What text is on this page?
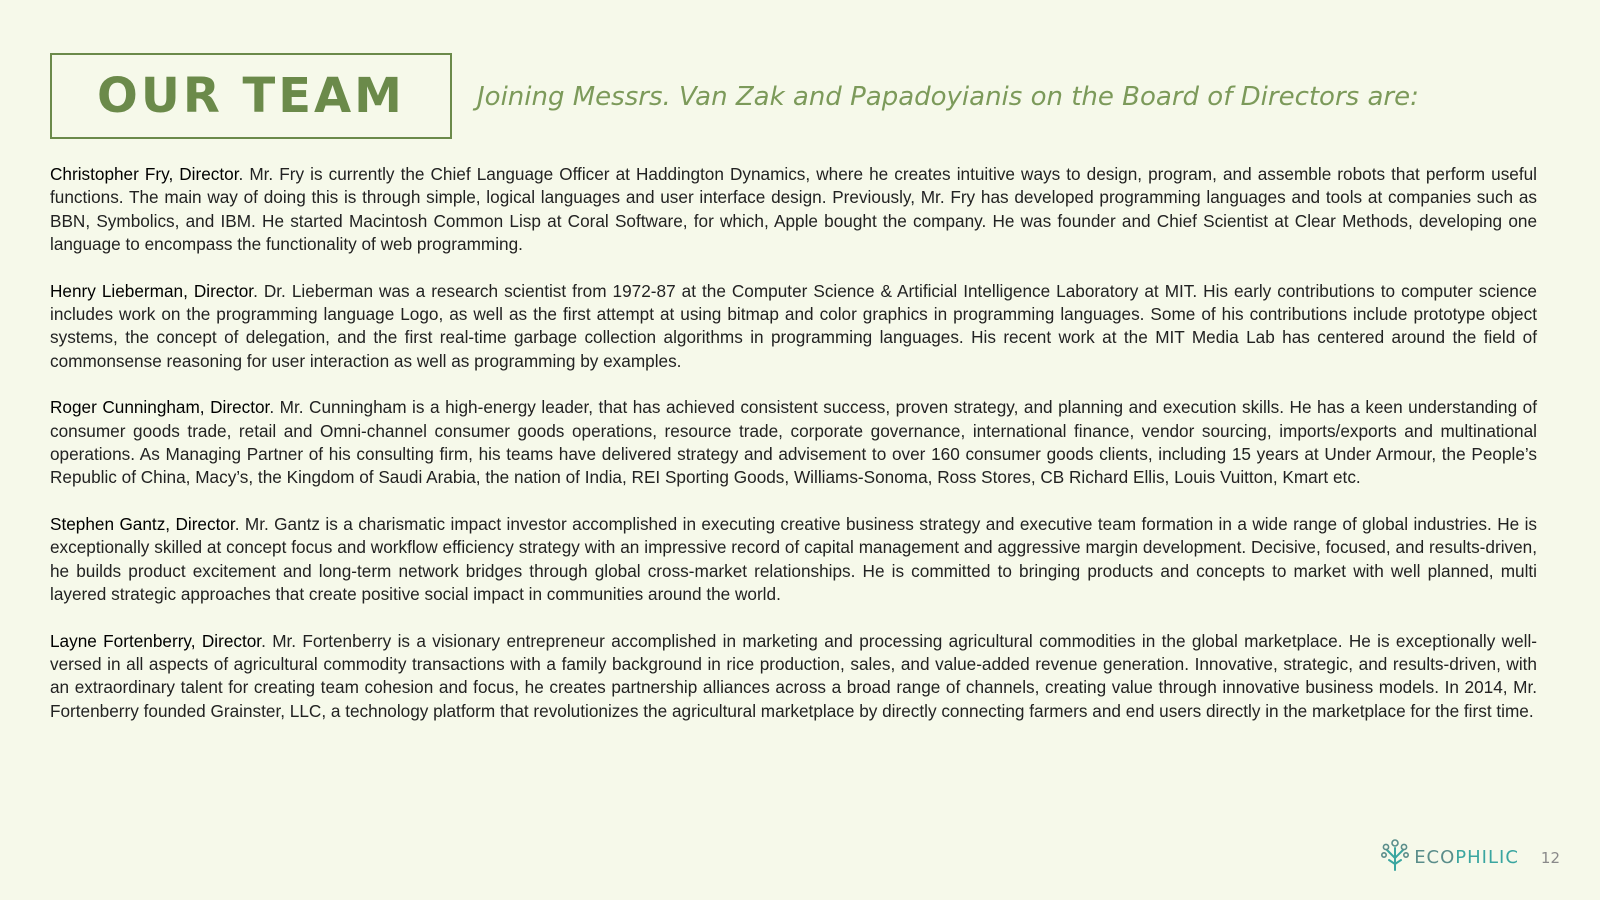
OUR TEAM	Joining Messrs. Van Zak and Papadoyianis on the Board of Directors are:

Christopher Fry, Director. Mr. Fry is currently the Chief Language Officer at Haddington Dynamics, where he creates intuitive ways to design, program, and assemble robots that perform useful functions. The main way of doing this is through simple, logical languages and user interface design. Previously, Mr. Fry has developed programming languages and tools at companies such as BBN, Symbolics, and IBM. He started Macintosh Common Lisp at Coral Software, for which, Apple bought the company. He was founder and Chief Scientist at Clear Methods, developing one language to encompass the functionality of web programming.

Henry Lieberman, Director. Dr. Lieberman was a research scientist from 1972-87 at the Computer Science & Artificial Intelligence Laboratory at MIT. His early contributions to computer science includes work on the programming language Logo, as well as the first attempt at using bitmap and color graphics in programming languages. Some of his contributions include prototype object systems, the concept of delegation, and the first real-time garbage collection algorithms in programming languages. His recent work at the MIT Media Lab has centered around the field of commonsense reasoning for user interaction as well as programming by examples.

Roger Cunningham, Director. Mr. Cunningham is a high-energy leader, that has achieved consistent success, proven strategy, and planning and execution skills. He has a keen understanding of consumer goods trade, retail and Omni-channel consumer goods operations, resource trade, corporate governance, international finance, vendor sourcing, imports/exports and multinational operations. As Managing Partner of his consulting firm, his teams have delivered strategy and advisement to over 160 consumer goods clients, including 15 years at Under Armour, the People’s Republic of China, Macy’s, the Kingdom of Saudi Arabia, the nation of India, REI Sporting Goods, Williams-Sonoma, Ross Stores, CB Richard Ellis, Louis Vuitton, Kmart etc.

Stephen Gantz, Director. Mr. Gantz is a charismatic impact investor accomplished in executing creative business strategy and executive team formation in a wide range of global industries. He is exceptionally skilled at concept focus and workflow efficiency strategy with an impressive record of capital management and aggressive margin development. Decisive, focused, and results-driven, he builds product excitement and long-term network bridges through global cross-market relationships. He is committed to bringing products and concepts to market with well planned, multi layered strategic approaches that create positive social impact in communities around the world.

Layne Fortenberry, Director. Mr. Fortenberry is a visionary entrepreneur accomplished in marketing and processing agricultural commodities in the global marketplace. He is exceptionally well-versed in all aspects of agricultural commodity transactions with a family background in rice production, sales, and value-added revenue generation. Innovative, strategic, and results-driven, with an extraordinary talent for creating team cohesion and focus, he creates partnership alliances across a broad range of channels, creating value through innovative business models. In 2014, Mr. Fortenberry founded Grainster, LLC, a technology platform that revolutionizes the agricultural marketplace by directly connecting farmers and end users directly in the marketplace for the first time.

ECOPHILIC 12
